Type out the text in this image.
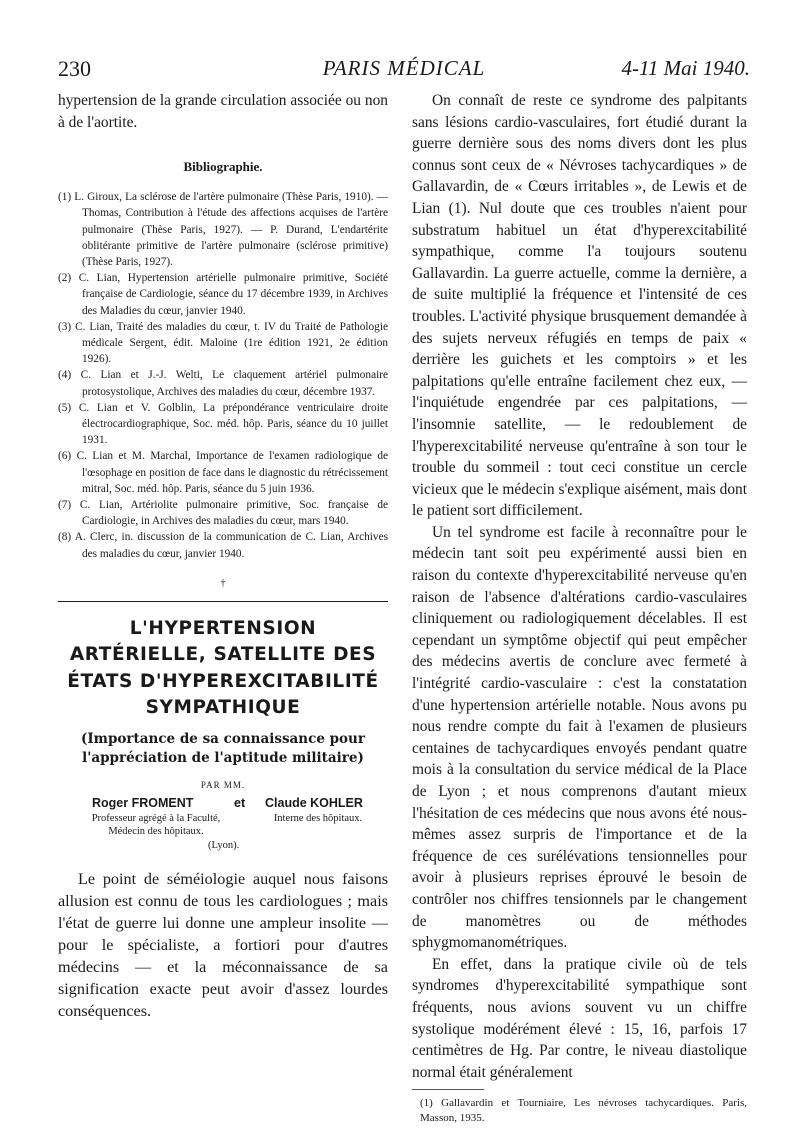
230	PARIS MÉDICAL	4-11 Mai 1940.

hypertension de la grande circulation associée ou non à de l'aortite.

Bibliographie.
(1) L. Giroux, La sclérose de l'artère pulmonaire (Thèse Paris, 1910). — Thomas, Contribution à l'étude des affections acquises de l'artère pulmonaire (Thèse Paris, 1927). — P. Durand, L'endartérite oblitérante primitive de l'artère pulmonaire (sclérose primitive) (Thèse Paris, 1927).
(2) C. Lian, Hypertension artérielle pulmonaire primitive, Société française de Cardiologie, séance du 17 décembre 1939, in Archives des Maladies du cœur, janvier 1940.
(3) C. Lian, Traité des maladies du cœur, t. IV du Traité de Pathologie médicale Sergent, édit. Maloine (1re édition 1921, 2e édition 1926).
(4) C. Lian et J.-J. Welti, Le claquement artériel pulmonaire protosystolique, Archives des maladies du cœur, décembre 1937.
(5) C. Lian et V. Golblin, La prépondérance ventriculaire droite électrocardiographique, Soc. méd. hôp. Paris, séance du 10 juillet 1931.
(6) C. Lian et M. Marchal, Importance de l'examen radiologique de l'œsophage en position de face dans le diagnostic du rétrécissement mitral, Soc. méd. hôp. Paris, séance du 5 juin 1936.
(7) C. Lian, Artériolite pulmonaire primitive, Soc. française de Cardiologie, in Archives des maladies du cœur, mars 1940.
(8) A. Clerc, in. discussion de la communication de C. Lian, Archives des maladies du cœur, janvier 1940.
†
L'HYPERTENSION ARTÉRIELLE, SATELLITE DES ÉTATS D'HYPEREXCITABILITÉ SYMPATHIQUE

(Importance de sa connaissance pour l'appréciation de l'aptitude militaire)

PAR MM.
Roger FROMENT	et Claude KOHLER
Professeur agrégé à la Faculté, Médecin des hôpitaux.
Interne des hôpitaux.
(Lyon).

Le point de séméiologie auquel nous faisons allusion est connu de tous les cardiologues ; mais l'état de guerre lui donne une ampleur insolite — pour le spécialiste, a fortiori pour d'autres médecins — et la méconnaissance de sa signification exacte peut avoir d'assez lourdes conséquences.

On connaît de reste ce syndrome des palpitants sans lésions cardio-vasculaires, fort étudié durant la guerre dernière sous des noms divers dont les plus connus sont ceux de « Névroses tachycardiques » de Gallavardin, de « Cœurs irritables », de Lewis et de Lian (1). Nul doute que ces troubles n'aient pour substratum habituel un état d'hyperexcitabilité sympathique, comme l'a toujours soutenu Gallavardin. La guerre actuelle, comme la dernière, a de suite multiplié la fréquence et l'intensité de ces troubles. L'activité physique brusquement demandée à des sujets nerveux réfugiés en temps de paix « derrière les guichets et les comptoirs » et les palpitations qu'elle entraîne facilement chez eux, — l'inquiétude engendrée par ces palpitations, — l'insomnie satellite, — le redoublement de l'hyperexcitabilité nerveuse qu'entraîne à son tour le trouble du sommeil : tout ceci constitue un cercle vicieux que le médecin s'explique aisément, mais dont le patient sort difficilement.

Un tel syndrome est facile à reconnaître pour le médecin tant soit peu expérimenté aussi bien en raison du contexte d'hyperexcitabilité nerveuse qu'en raison de l'absence d'altérations cardio-vasculaires cliniquement ou radiologiquement décelables. Il est cependant un symptôme objectif qui peut empêcher des médecins avertis de conclure avec fermeté à l'intégrité cardio-vasculaire : c'est la constatation d'une hypertension artérielle notable. Nous avons pu nous rendre compte du fait à l'examen de plusieurs centaines de tachycardiques envoyés pendant quatre mois à la consultation du service médical de la Place de Lyon ; et nous comprenons d'autant mieux l'hésitation de ces médecins que nous avons été nous-mêmes assez surpris de l'importance et de la fréquence de ces surélévations tensionnelles pour avoir à plusieurs reprises éprouvé le besoin de contrôler nos chiffres tensionnels par le changement de manomètres ou de méthodes sphygmomanométriques.

En effet, dans la pratique civile où de tels syndromes d'hyperexcitabilité sympathique sont fréquents, nous avions souvent vu un chiffre systolique modérément élevé : 15, 16, parfois 17 centimètres de Hg. Par contre, le niveau diastolique normal était généralement

(1) Gallavardin et Tourniaire, Les névroses tachycardiques. Paris, Masson, 1935.
